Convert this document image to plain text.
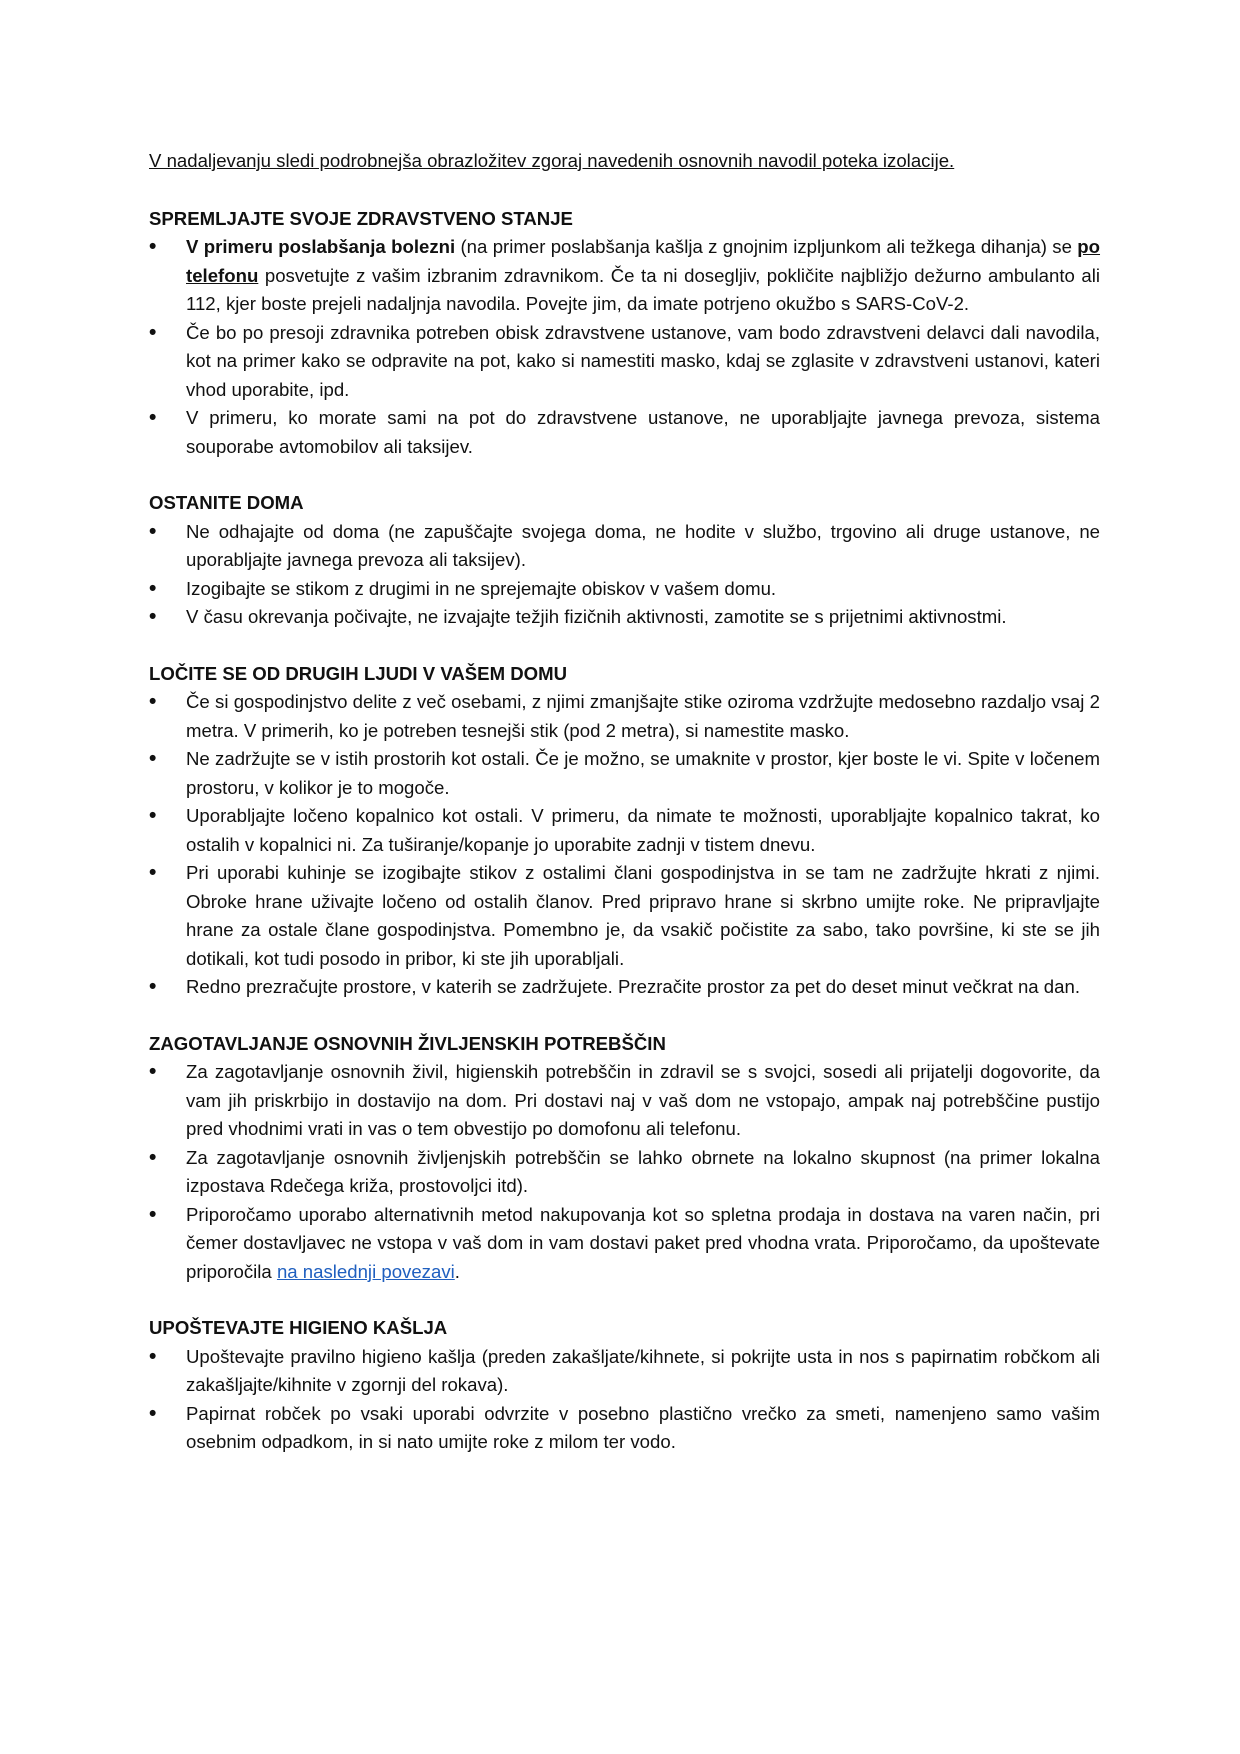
V nadaljevanju sledi podrobnejša obrazložitev zgoraj navedenih osnovnih navodil poteka izolacije.

SPREMLJAJTE SVOJE ZDRAVSTVENO STANJE

• V primeru poslabšanja bolezni (na primer poslabšanja kašlja z gnojnim izpljunkom ali težkega dihanja) se po telefonu posvetujte z vašim izbranim zdravnikom. Če ta ni dosegljiv, pokličite najbližjo dežurno ambulanto ali 112, kjer boste prejeli nadaljnja navodila. Povejte jim, da imate potrjeno okužbo s SARS-CoV-2.
• Če bo po presoji zdravnika potreben obisk zdravstvene ustanove, vam bodo zdravstveni delavci dali navodila, kot na primer kako se odpravite na pot, kako si namestiti masko, kdaj se zglasite v zdravstveni ustanovi, kateri vhod uporabite, ipd.
• V primeru, ko morate sami na pot do zdravstvene ustanove, ne uporabljajte javnega prevoza, sistema souporabe avtomobilov ali taksijev.

OSTANITE DOMA

• Ne odhajajte od doma (ne zapuščajte svojega doma, ne hodite v službo, trgovino ali druge ustanove, ne uporabljajte javnega prevoza ali taksijev).
• Izogibajte se stikom z drugimi in ne sprejemajte obiskov v vašem domu.
• V času okrevanja počivajte, ne izvajajte težjih fizičnih aktivnosti, zamotite se s prijetnimi aktivnostmi.

LOČITE SE OD DRUGIH LJUDI V VAŠEM DOMU

• Če si gospodinjstvo delite z več osebami, z njimi zmanjšajte stike oziroma vzdržujte medosebno razdaljo vsaj 2 metra. V primerih, ko je potreben tesnejši stik (pod 2 metra), si namestite masko.
• Ne zadržujte se v istih prostorih kot ostali. Če je možno, se umaknite v prostor, kjer boste le vi. Spite v ločenem prostoru, v kolikor je to mogoče.
• Uporabljajte ločeno kopalnico kot ostali. V primeru, da nimate te možnosti, uporabljajte kopalnico takrat, ko ostalih v kopalnici ni. Za tuširanje/kopanje jo uporabite zadnji v tistem dnevu.
• Pri uporabi kuhinje se izogibajte stikov z ostalimi člani gospodinjstva in se tam ne zadržujte hkrati z njimi. Obroke hrane uživajte ločeno od ostalih članov. Pred pripravo hrane si skrbno umijte roke. Ne pripravljajte hrane za ostale člane gospodinjstva. Pomembno je, da vsakič počistite za sabo, tako površine, ki ste se jih dotikali, kot tudi posodo in pribor, ki ste jih uporabljali.
• Redno prezračujte prostore, v katerih se zadržujete. Prezračite prostor za pet do deset minut večkrat na dan.

ZAGOTAVLJANJE OSNOVNIH ŽIVLJENSKIH POTREBŠČIN

• Za zagotavljanje osnovnih živil, higienskih potrebščin in zdravil se s svojci, sosedi ali prijatelji dogovorite, da vam jih priskrbijo in dostavijo na dom. Pri dostavi naj v vaš dom ne vstopajo, ampak naj potrebščine pustijo pred vhodnimi vrati in vas o tem obvestijo po domofonu ali telefonu.
• Za zagotavljanje osnovnih življenjskih potrebščin se lahko obrnete na lokalno skupnost (na primer lokalna izpostava Rdečega križa, prostovoljci itd).
• Priporočamo uporabo alternativnih metod nakupovanja kot so spletna prodaja in dostava na varen način, pri čemer dostavljavec ne vstopa v vaš dom in vam dostavi paket pred vhodna vrata. Priporočamo, da upoštevate priporočila na naslednji povezavi.

UPOŠTEVAJTE HIGIENO KAŠLJA

• Upoštevajte pravilno higieno kašlja (preden zakašljate/kihnete, si pokrijte usta in nos s papirnatim robčkom ali zakašljajte/kihnite v zgornji del rokava).
• Papirnat robček po vsaki uporabi odvrzite v posebno plastično vrečko za smeti, namenjeno samo vašim osebnim odpadkom, in si nato umijte roke z milom ter vodo.
